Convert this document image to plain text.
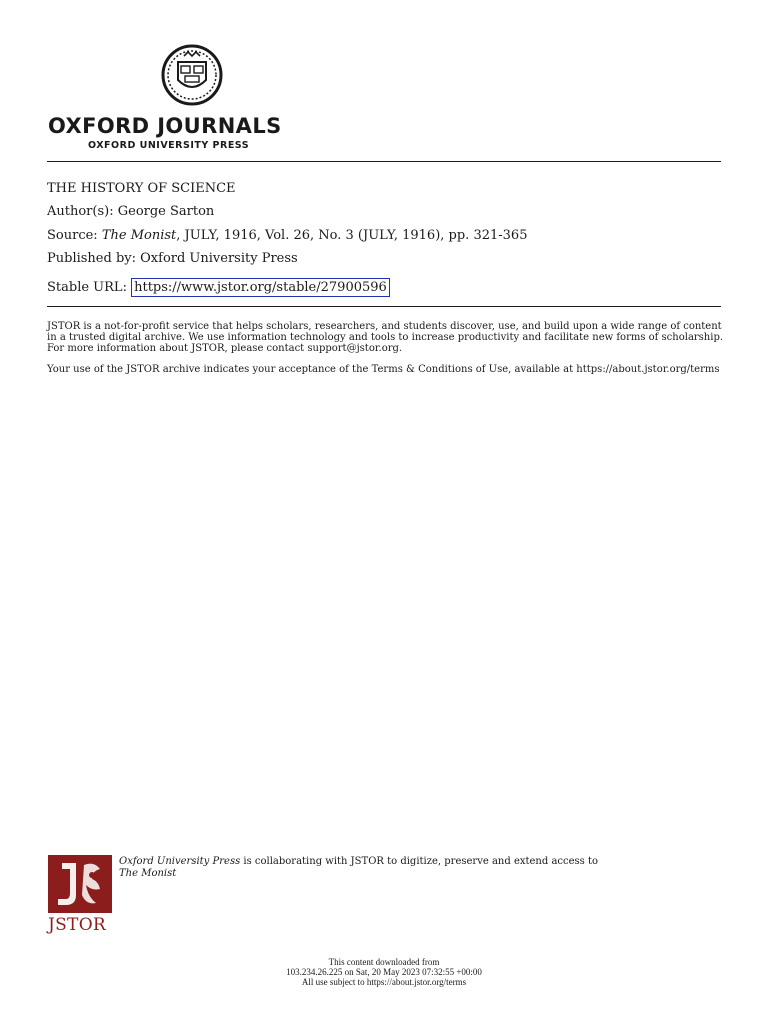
OXFORD JOURNALS
OXFORD UNIVERSITY PRESS
THE HISTORY OF SCIENCE
Author(s): George Sarton
Source: The Monist, JULY, 1916, Vol. 26, No. 3 (JULY, 1916), pp. 321-365
Published by: Oxford University Press
Stable URL: https://www.jstor.org/stable/27900596
JSTOR is a not-for-profit service that helps scholars, researchers, and students discover, use, and build upon a wide range of content in a trusted digital archive. We use information technology and tools to increase productivity and facilitate new forms of scholarship. For more information about JSTOR, please contact support@jstor.org.
Your use of the JSTOR archive indicates your acceptance of the Terms & Conditions of Use, available at https://about.jstor.org/terms
JSTOR
Oxford University Press is collaborating with JSTOR to digitize, preserve and extend access to
The Monist
This content downloaded from
103.234.26.225 on Sat, 20 May 2023 07:32:55 +00:00
All use subject to https://about.jstor.org/terms
